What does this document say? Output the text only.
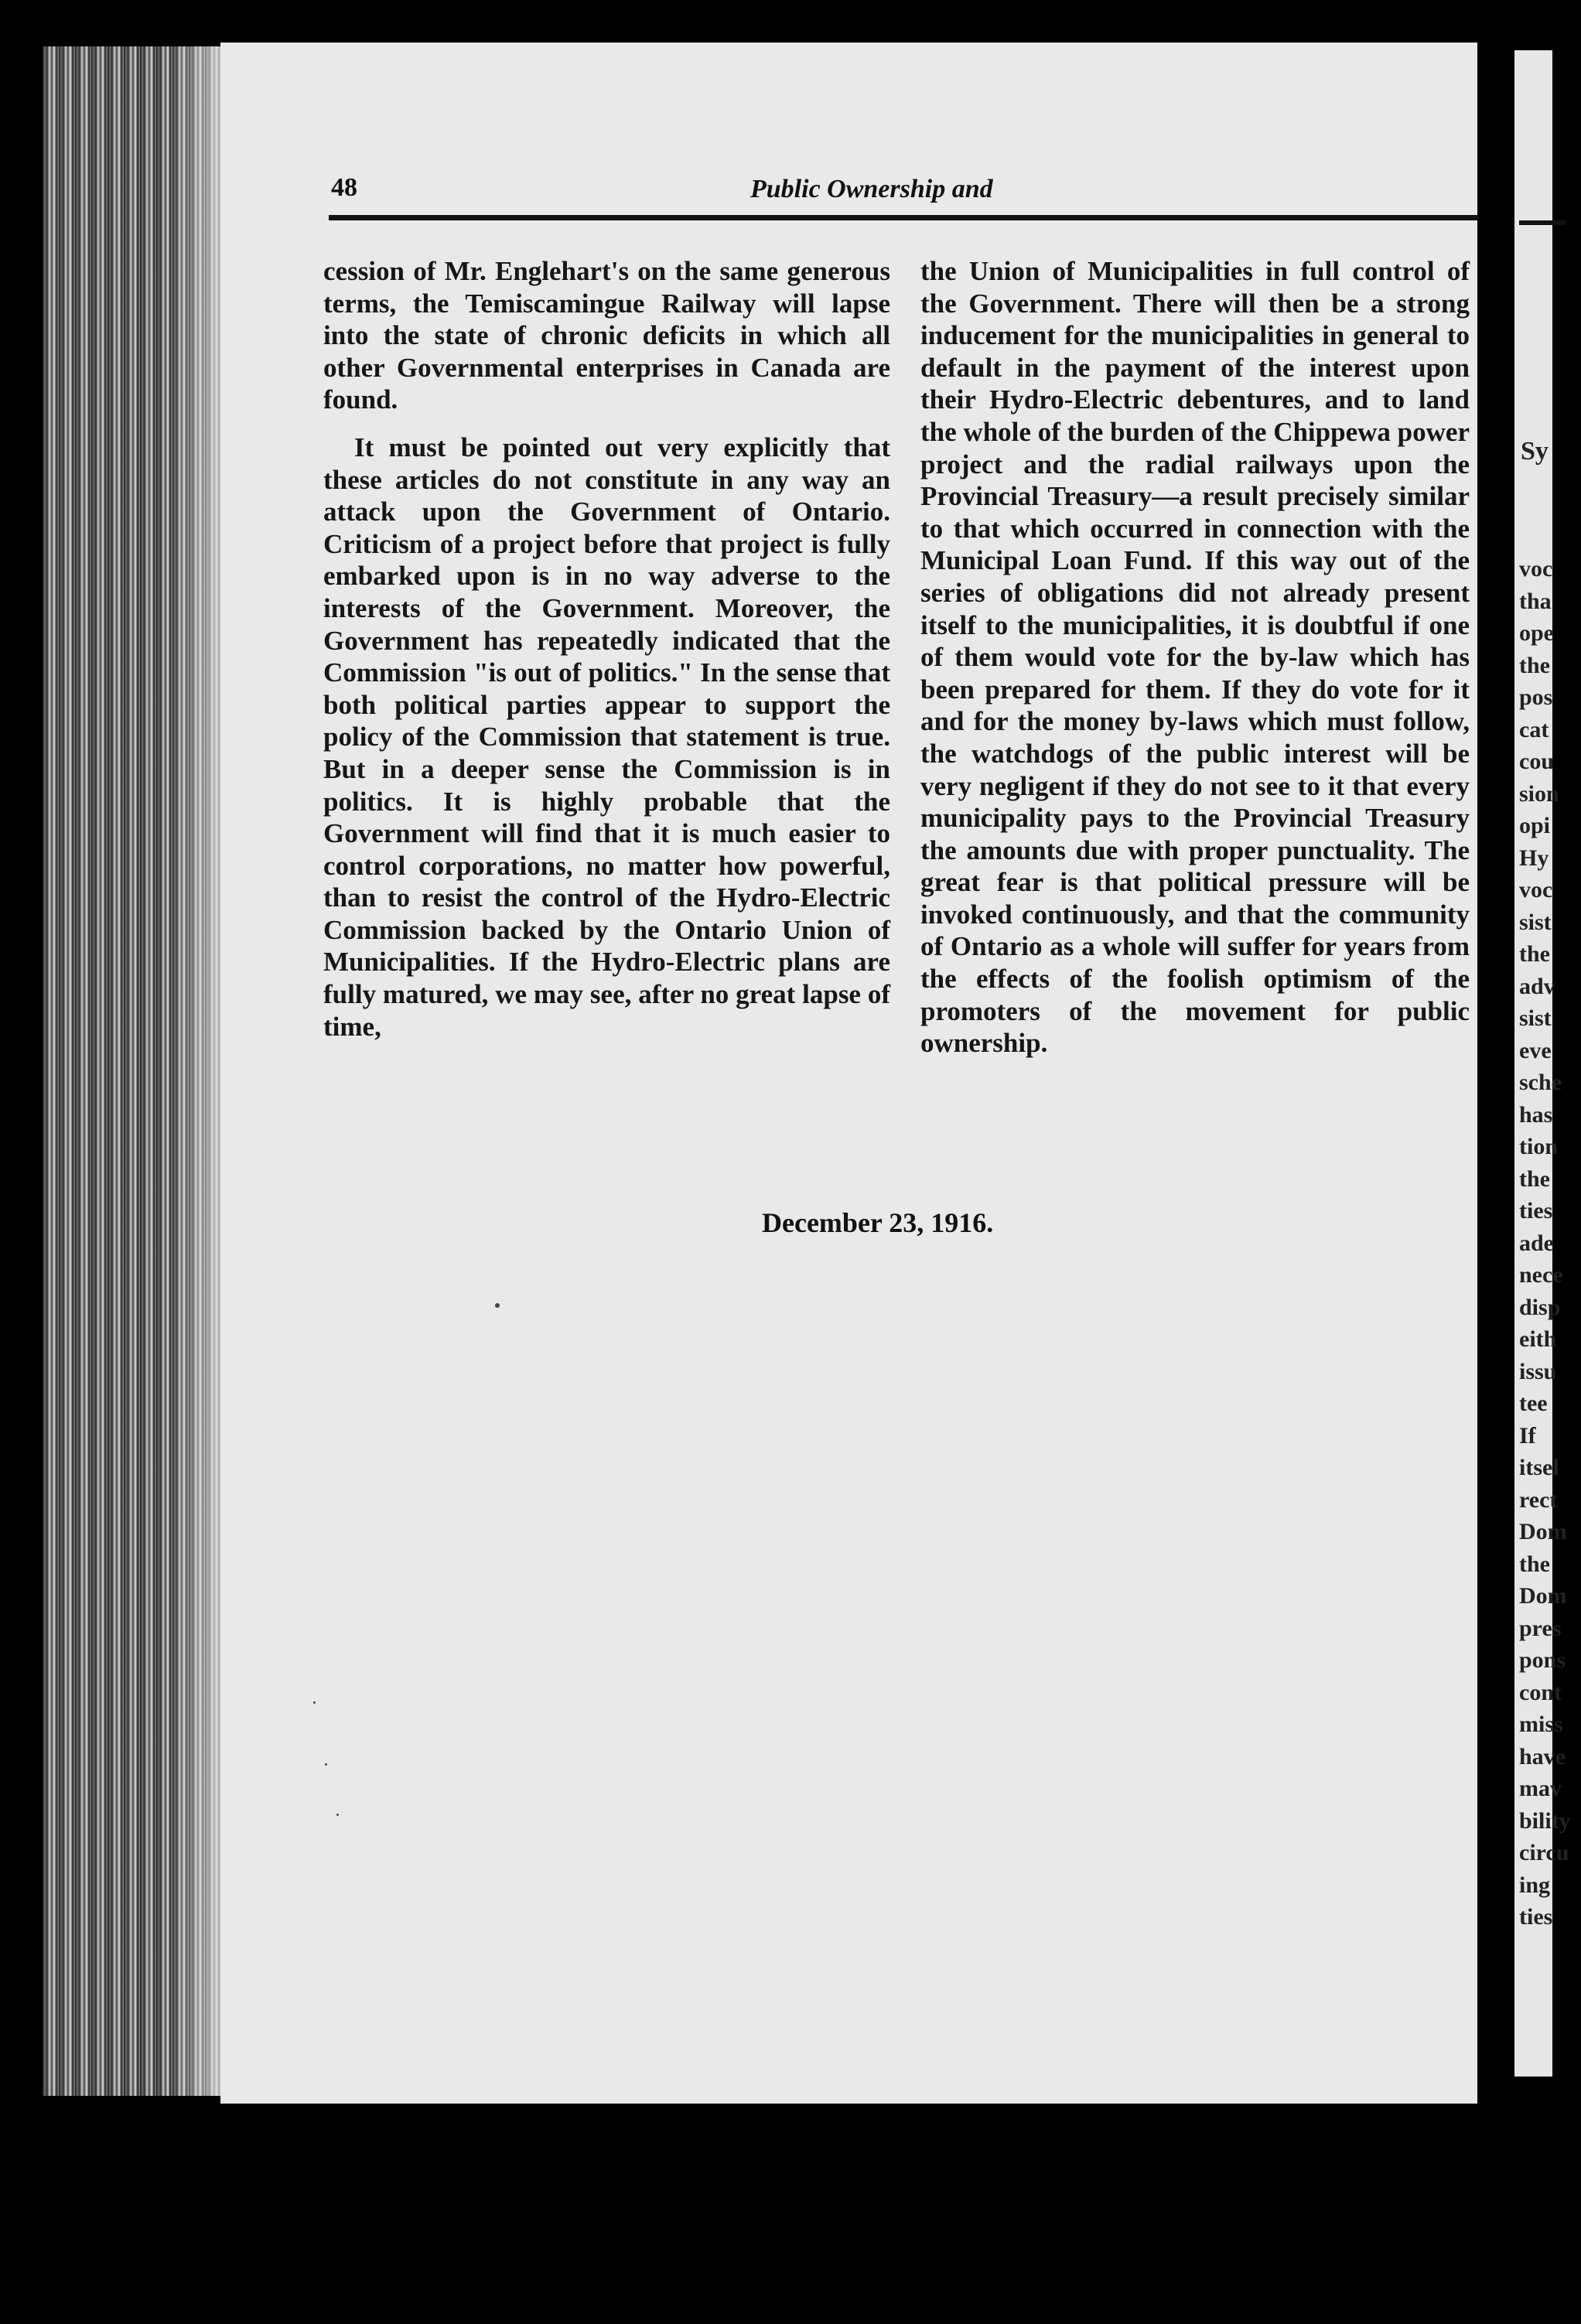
Sy
voc
tha
ope
the
pos
cat
cou
sion
opi
Hy
voc
sist
the
adv
sist
eve
sche
has
tion
the
ties
ade
nece
disp
eith
issu
tee
If
itsel
rect
Dom
the
Dom
pres
pons
cont
miss
have
mav
bility
circu
ing
ties
48	Public Ownership and

cession of Mr. Englehart's on the same generous terms, the Temiscamingue Railway will lapse into the state of chronic deficits in which all other Governmental enterprises in Canada are found.

It must be pointed out very explicitly that these articles do not constitute in any way an attack upon the Government of Ontario. Criticism of a project before that project is fully embarked upon is in no way adverse to the interests of the Government. Moreover, the Government has repeatedly indicated that the Commission "is out of politics." In the sense that both political parties appear to support the policy of the Commission that statement is true. But in a deeper sense the Commission is in politics. It is highly probable that the Government will find that it is much easier to control corporations, no matter how powerful, than to resist the control of the Hydro-Electric Commission backed by the Ontario Union of Municipalities. If the Hydro-Electric plans are fully matured, we may see, after no great lapse of time,

the Union of Municipalities in full control of the Government. There will then be a strong inducement for the municipalities in general to default in the payment of the interest upon their Hydro-Electric debentures, and to land the whole of the burden of the Chippewa power project and the radial railways upon the Provincial Treasury—a result precisely similar to that which occurred in connection with the Municipal Loan Fund. If this way out of the series of obligations did not already present itself to the municipalities, it is doubtful if one of them would vote for the by-law which has been prepared for them. If they do vote for it and for the money by-laws which must follow, the watchdogs of the public interest will be very negligent if they do not see to it that every municipality pays to the Provincial Treasury the amounts due with proper punctuality. The great fear is that political pressure will be invoked continuously, and that the community of Ontario as a whole will suffer for years from the effects of the foolish optimism of the promoters of the movement for public ownership.

December 23, 1916.
